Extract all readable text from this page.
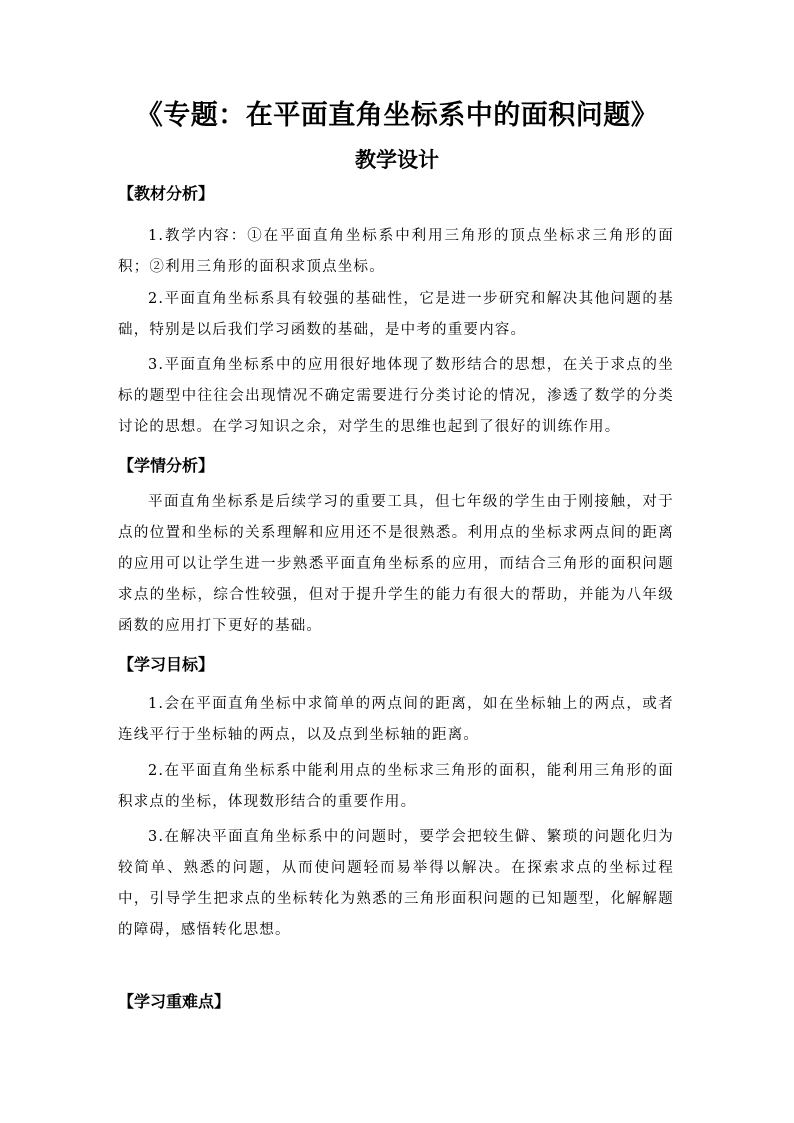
《专题：在平面直角坐标系中的面积问题》
教学设计
【教材分析】
1.教学内容：①在平面直角坐标系中利用三角形的顶点坐标求三角形的面积；②利用三角形的面积求顶点坐标。
2.平面直角坐标系具有较强的基础性，它是进一步研究和解决其他问题的基础，特别是以后我们学习函数的基础，是中考的重要内容。
3.平面直角坐标系中的应用很好地体现了数形结合的思想，在关于求点的坐标的题型中往往会出现情况不确定需要进行分类讨论的情况，渗透了数学的分类讨论的思想。在学习知识之余，对学生的思维也起到了很好的训练作用。
【学情分析】
平面直角坐标系是后续学习的重要工具，但七年级的学生由于刚接触，对于点的位置和坐标的关系理解和应用还不是很熟悉。利用点的坐标求两点间的距离的应用可以让学生进一步熟悉平面直角坐标系的应用，而结合三角形的面积问题求点的坐标，综合性较强，但对于提升学生的能力有很大的帮助，并能为八年级函数的应用打下更好的基础。
【学习目标】
1.会在平面直角坐标中求简单的两点间的距离，如在坐标轴上的两点，或者连线平行于坐标轴的两点，以及点到坐标轴的距离。
2.在平面直角坐标系中能利用点的坐标求三角形的面积，能利用三角形的面积求点的坐标，体现数形结合的重要作用。
3.在解决平面直角坐标系中的问题时，要学会把较生僻、繁琐的问题化归为较简单、熟悉的问题，从而使问题轻而易举得以解决。在探索求点的坐标过程中，引导学生把求点的坐标转化为熟悉的三角形面积问题的已知题型，化解解题的障碍，感悟转化思想。
【学习重难点】
